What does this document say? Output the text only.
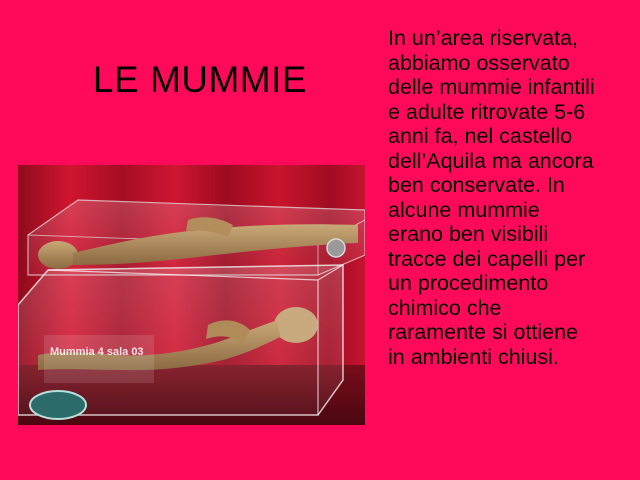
LE MUMMIE
Mummia 4 sala 03
In un’area riservata,
abbiamo osservato
delle mummie infantili
e adulte ritrovate 5-6
anni fa, nel castello
dell’Aquila ma ancora
ben conservate. In
alcune mummie
erano ben visibili
tracce dei capelli per
un procedimento
chimico che
raramente si ottiene
in ambienti chiusi.
